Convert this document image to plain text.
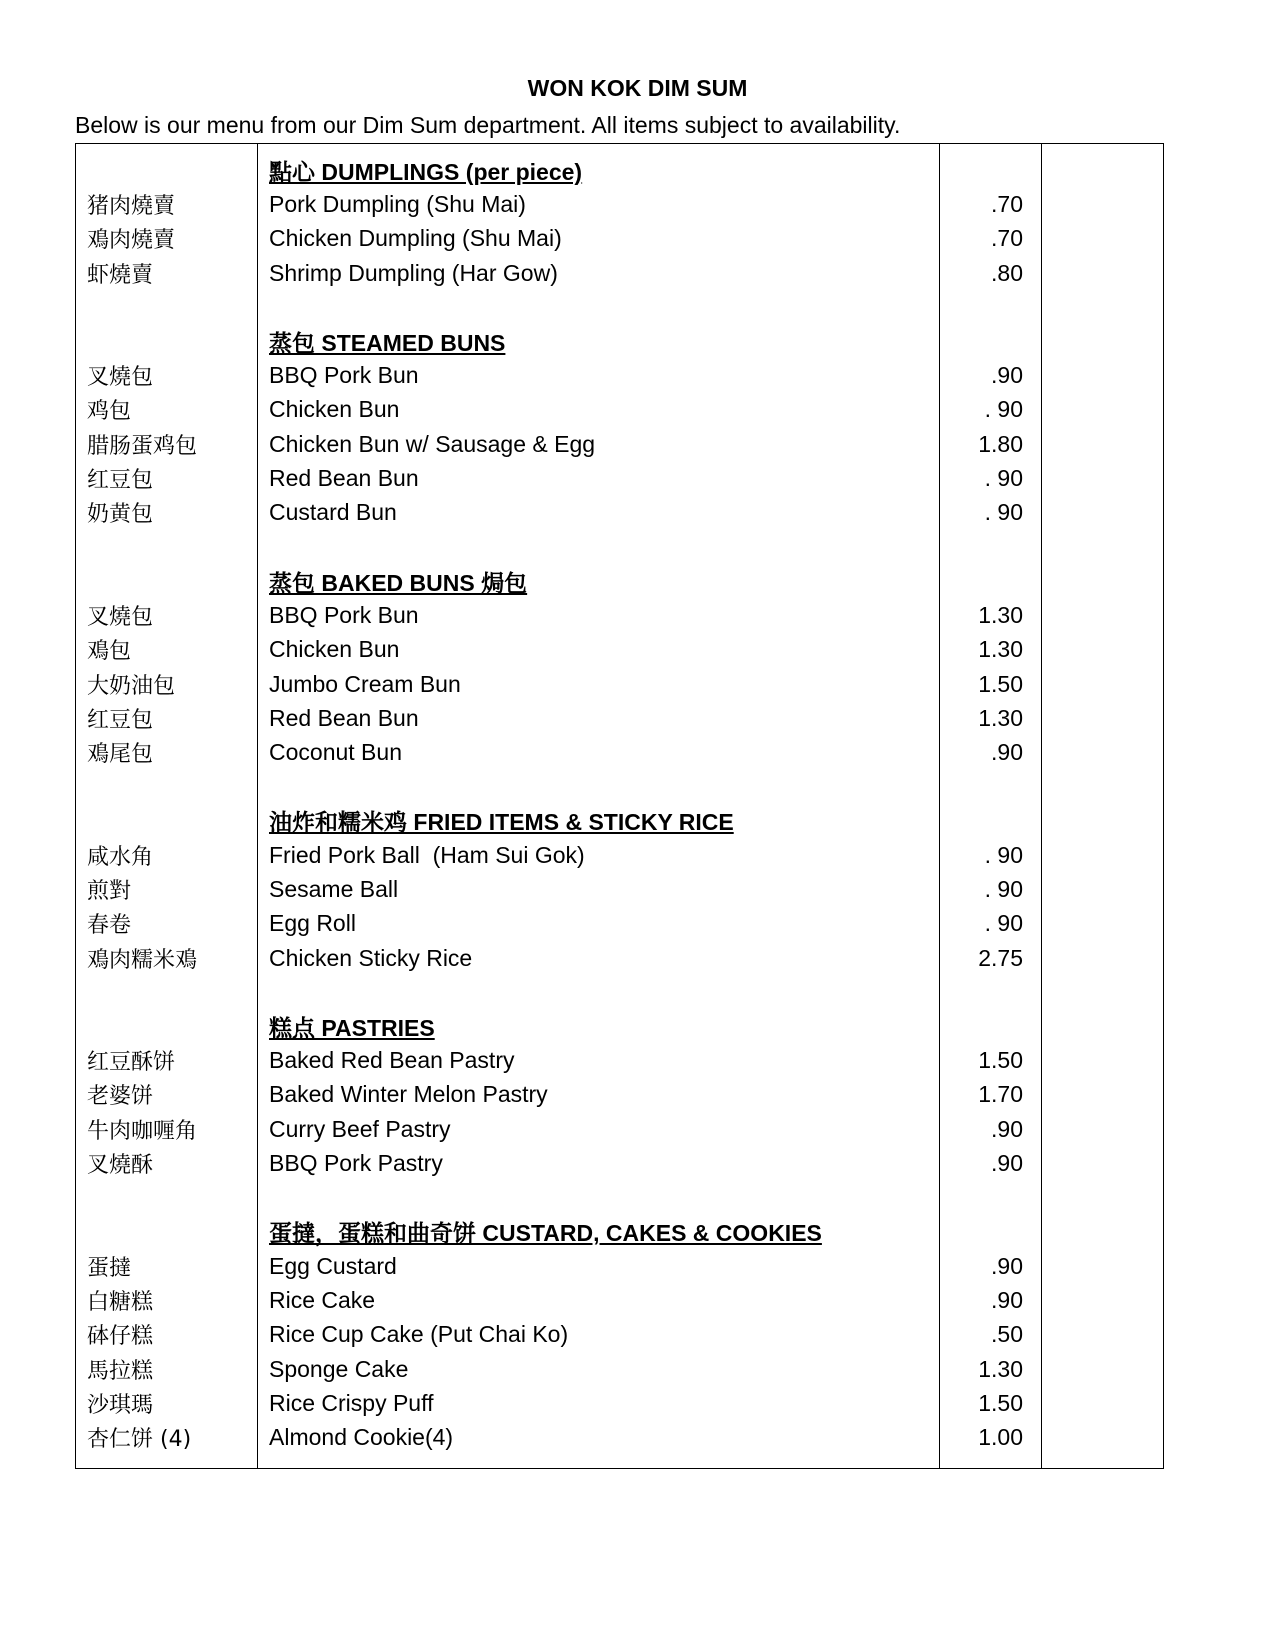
WON KOK DIM SUM
Below is our menu from our Dim Sum department. All items subject to availability.
點心 DUMPLINGS (per piece)
猪肉燒賣	Pork Dumpling (Shu Mai)	.70
鳮肉燒賣	Chicken Dumpling (Shu Mai)	.70
虾燒賣	Shrimp Dumpling (Har Gow)	.80
蒸包 STEAMED BUNS
叉燒包	BBQ Pork Bun	.90
鸡包	Chicken Bun	. 90
腊肠蛋鸡包	Chicken Bun w/ Sausage & Egg	1.80
红豆包	Red Bean Bun	. 90
奶黄包	Custard Bun	. 90
蒸包 BAKED BUNS 焗包
叉燒包	BBQ Pork Bun	1.30
鳮包	Chicken Bun	1.30
大奶油包	Jumbo Cream Bun	1.50
红豆包	Red Bean Bun	1.30
鳮尾包	Coconut Bun	.90
油炸和糯米鸡 FRIED ITEMS & STICKY RICE
咸水角	Fried Pork Ball  (Ham Sui Gok)	. 90
煎對	Sesame Ball	. 90
春卷	Egg Roll	. 90
鳮肉糯米鳮	Chicken Sticky Rice	2.75
糕点 PASTRIES
红豆酥饼	Baked Red Bean Pastry	1.50
老婆饼	Baked Winter Melon Pastry	1.70
牛肉咖喱角	Curry Beef Pastry	.90
叉燒酥	BBQ Pork Pastry	.90
蛋撻，蛋糕和曲奇饼 CUSTARD, CAKES & COOKIES
蛋撻	Egg Custard	.90
白糖糕	Rice Cake	.90
砵仔糕	Rice Cup Cake (Put Chai Ko)	.50
馬拉糕	Sponge Cake	1.30
沙琪瑪	Rice Crispy Puff	1.50
杏仁饼 (4)	Almond Cookie(4)	1.00
